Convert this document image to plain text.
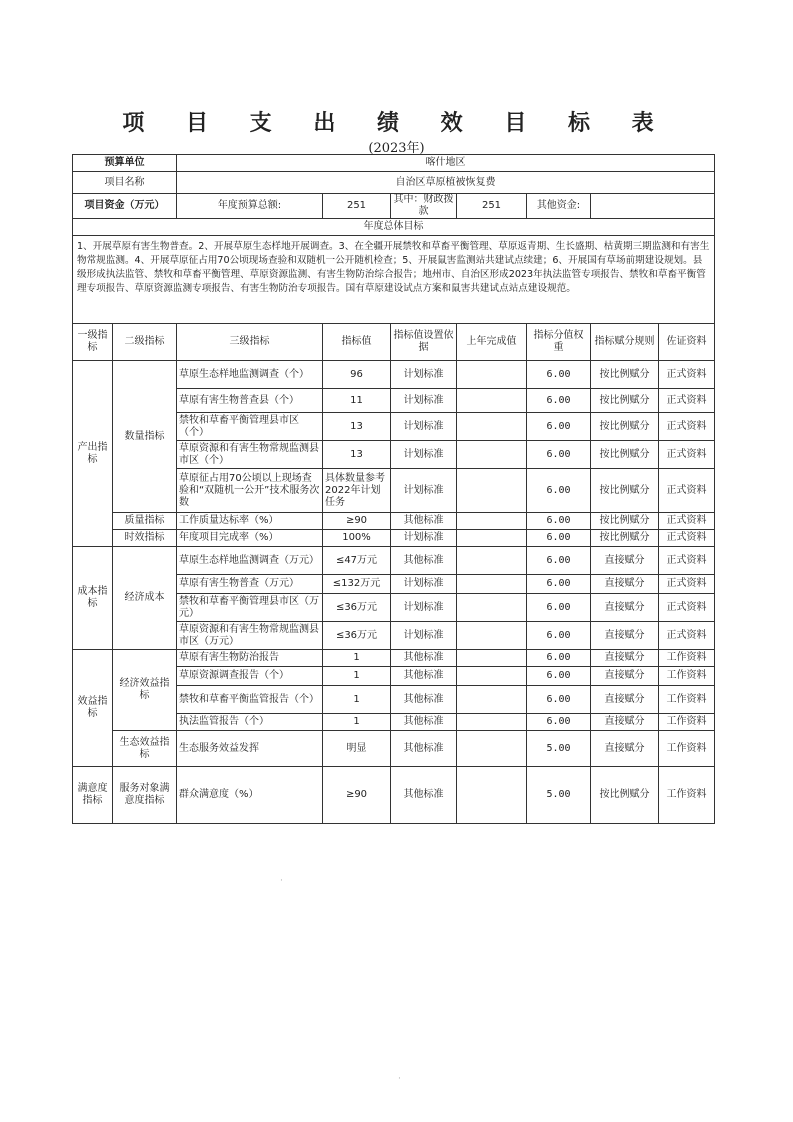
项 目 支 出 绩 效 目 标 表
(2023年)
预算单位		喀什地区						
项目名称		自治区草原植被恢复费						
项目资金（万元）		年度预算总额:	251	其中：财政拨款	251	其他资金:		
年度总体目标								
1、开展草原有害生物普查。2、开展草原生态样地开展调查。3、在全疆开展禁牧和草畜平衡管理、草原返青期、生长盛期、枯黄期三期监测和有害生物常规监测。4、开展草原征占用70公顷现场查验和双随机一公开随机检查；5、开展鼠害监测站共建试点续建；6、开展国有草场前期建设规划。县级形成执法监管、禁牧和草畜平衡管理、草原资源监测、有害生物防治综合报告；地州市、自治区形成2023年执法监管专项报告、禁牧和草畜平衡管理专项报告、草原资源监测专项报告、有害生物防治专项报告。国有草原建设试点方案和鼠害共建试点站点建设规范。								
一级指标	二级指标	三级指标	指标值	指标值设置依据	上年完成值	指标分值权重	指标赋分规则	佐证资料
产出指标	数量指标	草原生态样地监测调查（个）	96	计划标准		6.00	按比例赋分	正式资料
		草原有害生物普查县（个）	11	计划标准		6.00	按比例赋分	正式资料
		禁牧和草畜平衡管理县市区（个）	13	计划标准		6.00	按比例赋分	正式资料
		草原资源和有害生物常规监测县市区（个）	13	计划标准		6.00	按比例赋分	正式资料
		草原征占用70公顷以上现场查验和“双随机一公开”技术服务次数	具体数量参考2022年计划任务	计划标准		6.00	按比例赋分	正式资料
	质量指标	工作质量达标率（%）	≥90	其他标准		6.00	按比例赋分	正式资料
	时效指标	年度项目完成率（%）	100%	计划标准		6.00	按比例赋分	正式资料
成本指标	经济成本	草原生态样地监测调查（万元）	≤47万元	其他标准		6.00	直接赋分	正式资料
		草原有害生物普查（万元）	≤132万元	计划标准		6.00	直接赋分	正式资料
		禁牧和草畜平衡管理县市区（万元）	≤36万元	计划标准		6.00	直接赋分	正式资料
		草原资源和有害生物常规监测县市区（万元）	≤36万元	计划标准		6.00	直接赋分	正式资料
效益指标	经济效益指标	草原有害生物防治报告	1	其他标准		6.00	直接赋分	工作资料
		草原资源调查报告（个）	1	其他标准		6.00	直接赋分	工作资料
		禁牧和草畜平衡监管报告（个）	1	其他标准		6.00	直接赋分	工作资料
		执法监管报告（个）	1	其他标准		6.00	直接赋分	工作资料
	生态效益指标	生态服务效益发挥	明显	其他标准		5.00	直接赋分	工作资料
满意度指标	服务对象满意度指标	群众满意度（%）	≥90	其他标准		5.00	按比例赋分	工作资料
·
·
